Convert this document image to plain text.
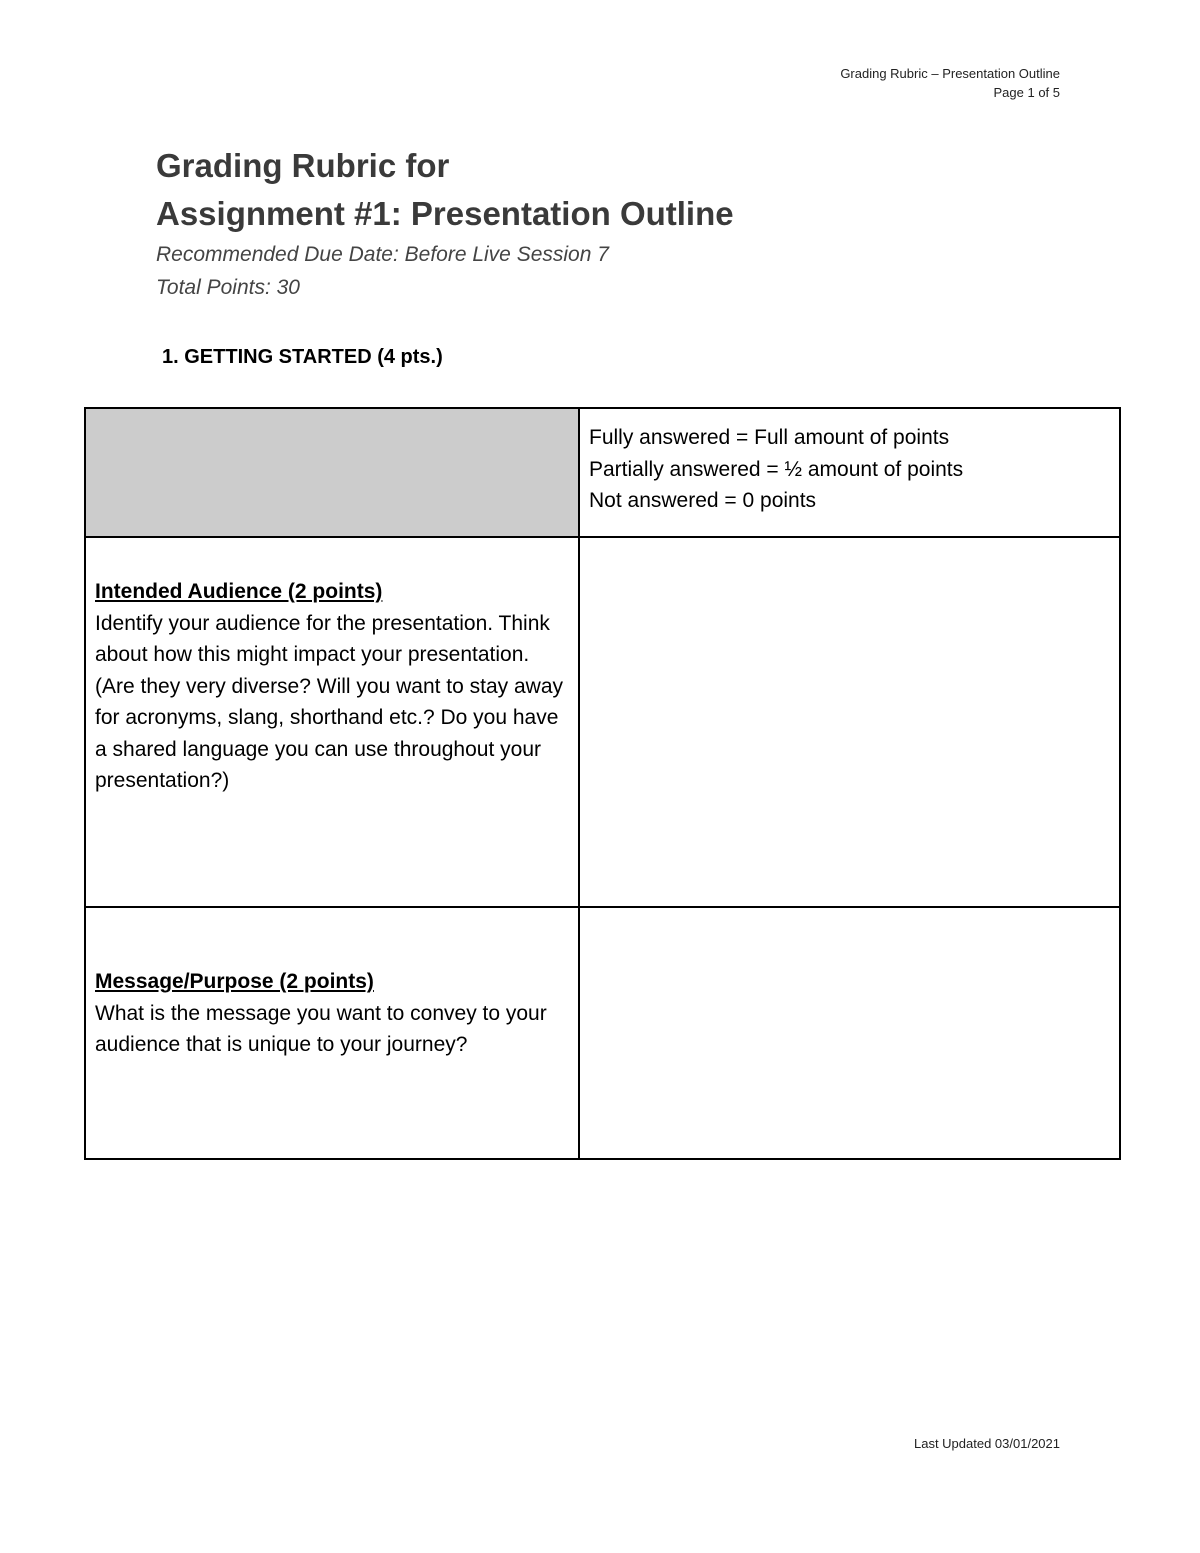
Grading Rubric – Presentation Outline
Page 1 of 5
Grading Rubric for
Assignment #1: Presentation Outline

Recommended Due Date: Before Live Session 7

Total Points: 30

1. GETTING STARTED (4 pts.)

	Fully answered = Full amount of points
Partially answered = ½ amount of points
Not answered = 0 points

Intended Audience (2 points)
Identify your audience for the presentation. Think about how this might impact your presentation. (Are they very diverse? Will you want to stay away for acronyms, slang, shorthand etc.? Do you have a shared language you can use throughout your presentation?)	

Message/Purpose (2 points)
What is the message you want to convey to your audience that is unique to your journey?	

Last Updated 03/01/2021
